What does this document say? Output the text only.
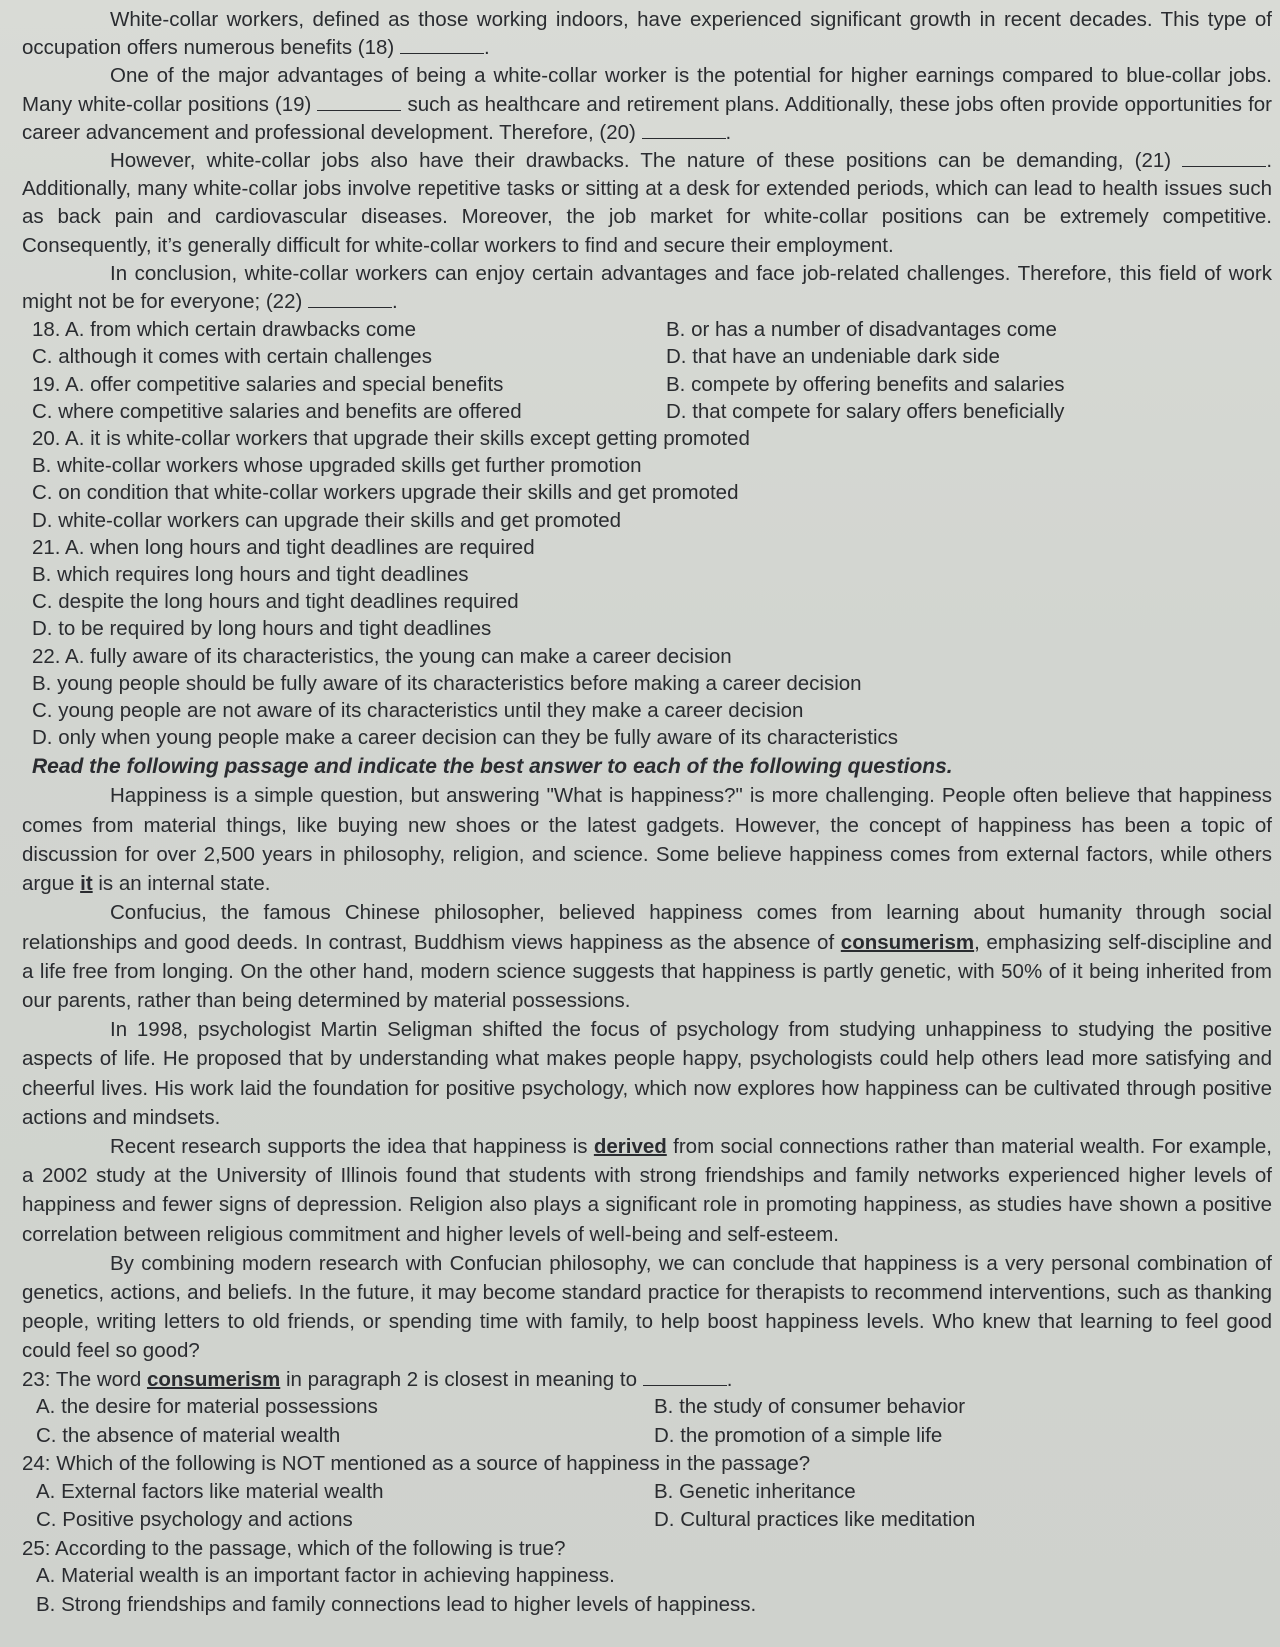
White-collar workers, defined as those working indoors, have experienced significant growth in recent decades. This type of occupation offers numerous benefits (18)	.

One of the major advantages of being a white-collar worker is the potential for higher earnings compared to blue-collar jobs. Many white-collar positions (19)	such as healthcare and retirement plans. Additionally, these jobs often provide opportunities for career advancement and professional development. Therefore, (20)	.

However, white-collar jobs also have their drawbacks. The nature of these positions can be demanding, (21)	. Additionally, many white-collar jobs involve repetitive tasks or sitting at a desk for extended periods, which can lead to health issues such as back pain and cardiovascular diseases. Moreover, the job market for white-collar positions can be extremely competitive. Consequently, it’s generally difficult for white-collar workers to find and secure their employment.

In conclusion, white-collar workers can enjoy certain advantages and face job-related challenges. Therefore, this field of work might not be for everyone; (22)	.

18. A. from which certain drawbacks come	B. or has a number of disadvantages come
C. although it comes with certain challenges	D. that have an undeniable dark side
19. A. offer competitive salaries and special benefits	B. compete by offering benefits and salaries
C. where competitive salaries and benefits are offered	D. that compete for salary offers beneficially
20. A. it is white-collar workers that upgrade their skills except getting promoted
B. white-collar workers whose upgraded skills get further promotion
C. on condition that white-collar workers upgrade their skills and get promoted
D. white-collar workers can upgrade their skills and get promoted
21. A. when long hours and tight deadlines are required
B. which requires long hours and tight deadlines
C. despite the long hours and tight deadlines required
D. to be required by long hours and tight deadlines
22. A. fully aware of its characteristics, the young can make a career decision
B. young people should be fully aware of its characteristics before making a career decision
C. young people are not aware of its characteristics until they make a career decision
D. only when young people make a career decision can they be fully aware of its characteristics
Read the following passage and indicate the best answer to each of the following questions.

Happiness is a simple question, but answering "What is happiness?" is more challenging. People often believe that happiness comes from material things, like buying new shoes or the latest gadgets. However, the concept of happiness has been a topic of discussion for over 2,500 years in philosophy, religion, and science. Some believe happiness comes from external factors, while others argue it is an internal state.

Confucius, the famous Chinese philosopher, believed happiness comes from learning about humanity through social relationships and good deeds. In contrast, Buddhism views happiness as the absence of consumerism, emphasizing self-discipline and a life free from longing. On the other hand, modern science suggests that happiness is partly genetic, with 50% of it being inherited from our parents, rather than being determined by material possessions.

In 1998, psychologist Martin Seligman shifted the focus of psychology from studying unhappiness to studying the positive aspects of life. He proposed that by understanding what makes people happy, psychologists could help others lead more satisfying and cheerful lives. His work laid the foundation for positive psychology, which now explores how happiness can be cultivated through positive actions and mindsets.

Recent research supports the idea that happiness is derived from social connections rather than material wealth. For example, a 2002 study at the University of Illinois found that students with strong friendships and family networks experienced higher levels of happiness and fewer signs of depression. Religion also plays a significant role in promoting happiness, as studies have shown a positive correlation between religious commitment and higher levels of well-being and self-esteem.

By combining modern research with Confucian philosophy, we can conclude that happiness is a very personal combination of genetics, actions, and beliefs. In the future, it may become standard practice for therapists to recommend interventions, such as thanking people, writing letters to old friends, or spending time with family, to help boost happiness levels. Who knew that learning to feel good could feel so good?

23: The word consumerism in paragraph 2 is closest in meaning to	.
A. the desire for material possessions	B. the study of consumer behavior
C. the absence of material wealth	D. the promotion of a simple life
24: Which of the following is NOT mentioned as a source of happiness in the passage?
A. External factors like material wealth	B. Genetic inheritance
C. Positive psychology and actions	D. Cultural practices like meditation
25: According to the passage, which of the following is true?
A. Material wealth is an important factor in achieving happiness.
B. Strong friendships and family connections lead to higher levels of happiness.
